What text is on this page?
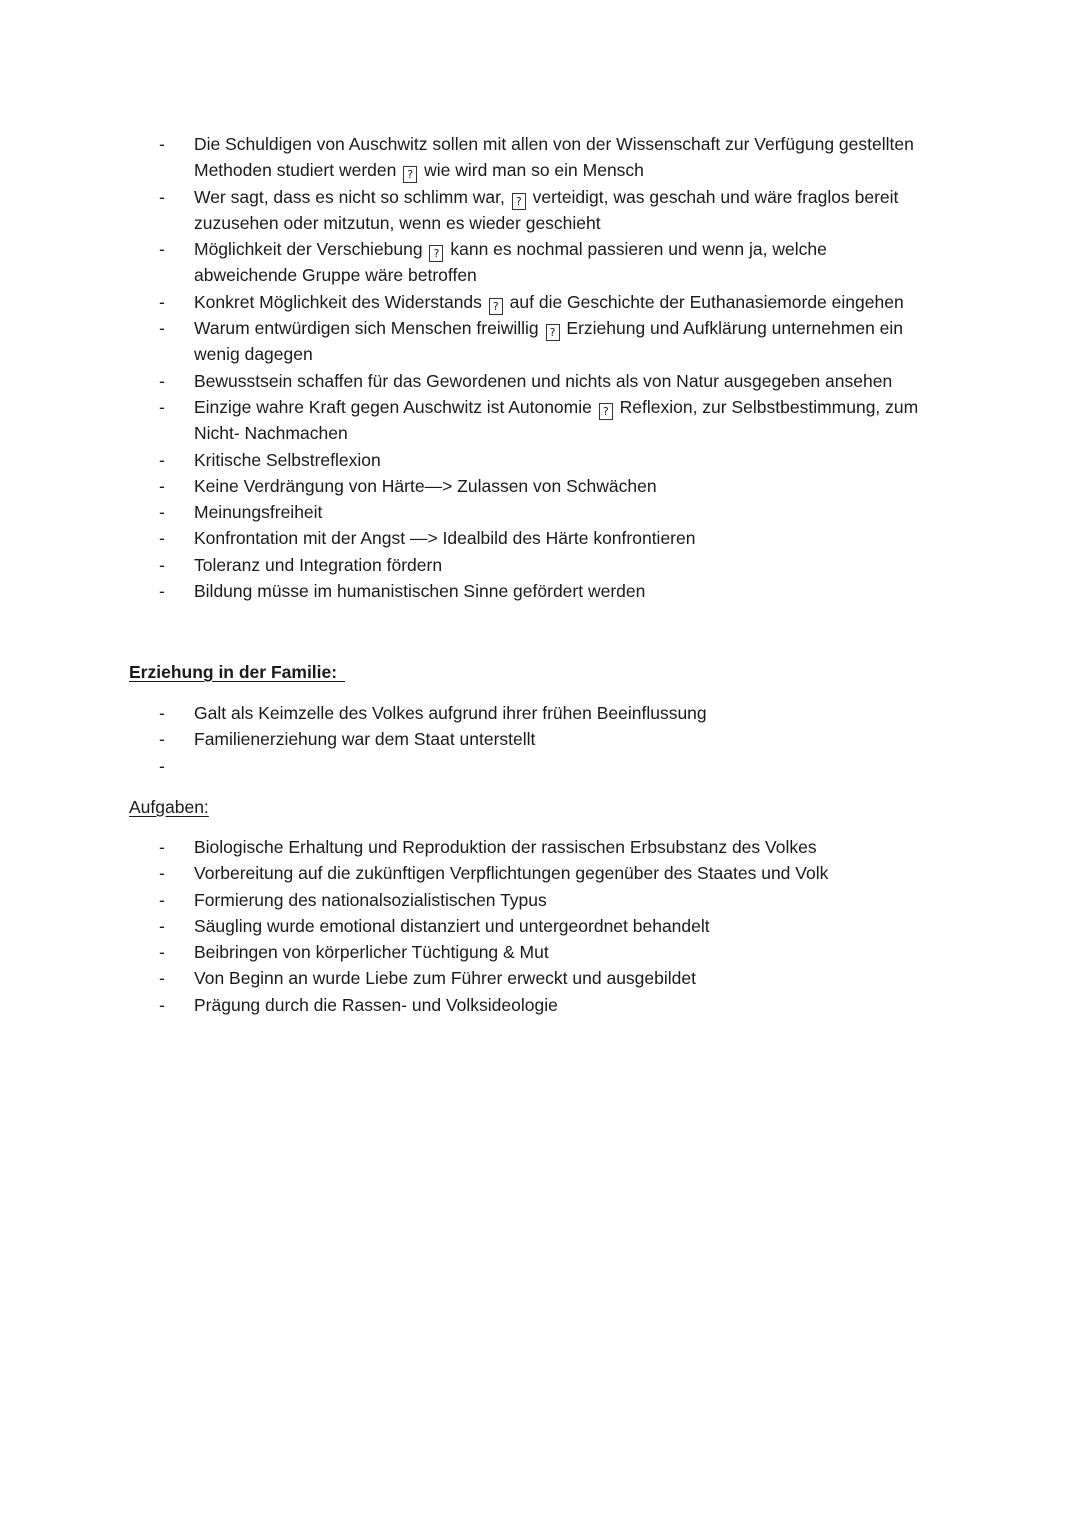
-	Die Schuldigen von Auschwitz sollen mit allen von der Wissenschaft zur Verfügung gestellten
Methoden studiert werden ? wie wird man so ein Mensch
-	Wer sagt, dass es nicht so schlimm war, ? verteidigt, was geschah und wäre fraglos bereit
zuzusehen oder mitzutun, wenn es wieder geschieht
-	Möglichkeit der Verschiebung ? kann es nochmal passieren und wenn ja, welche
abweichende Gruppe wäre betroffen
-	Konkret Möglichkeit des Widerstands ? auf die Geschichte der Euthanasiemorde eingehen
-	Warum entwürdigen sich Menschen freiwillig ? Erziehung und Aufklärung unternehmen ein
wenig dagegen
-	Bewusstsein schaffen für das Gewordenen und nichts als von Natur ausgegeben ansehen
-	Einzige wahre Kraft gegen Auschwitz ist Autonomie ? Reflexion, zur Selbstbestimmung, zum
Nicht- Nachmachen
-	Kritische Selbstreflexion
-	Keine Verdrängung von Härte—> Zulassen von Schwächen
-	Meinungsfreiheit
-	Konfrontation mit der Angst —> Idealbild des Härte konfrontieren
-	Toleranz und Integration fördern
-	Bildung müsse im humanistischen Sinne gefördert werden
Erziehung in der Familie:
-	Galt als Keimzelle des Volkes aufgrund ihrer frühen Beeinflussung
-	Familienerziehung war dem Staat unterstellt
-

Aufgaben:
-	Biologische Erhaltung und Reproduktion der rassischen Erbsubstanz des Volkes
-	Vorbereitung auf die zukünftigen Verpflichtungen gegenüber des Staates und Volk
-	Formierung des nationalsozialistischen Typus
-	Säugling wurde emotional distanziert und untergeordnet behandelt
-	Beibringen von körperlicher Tüchtigung & Mut
-	Von Beginn an wurde Liebe zum Führer erweckt und ausgebildet
-	Prägung durch die Rassen- und Volksideologie
